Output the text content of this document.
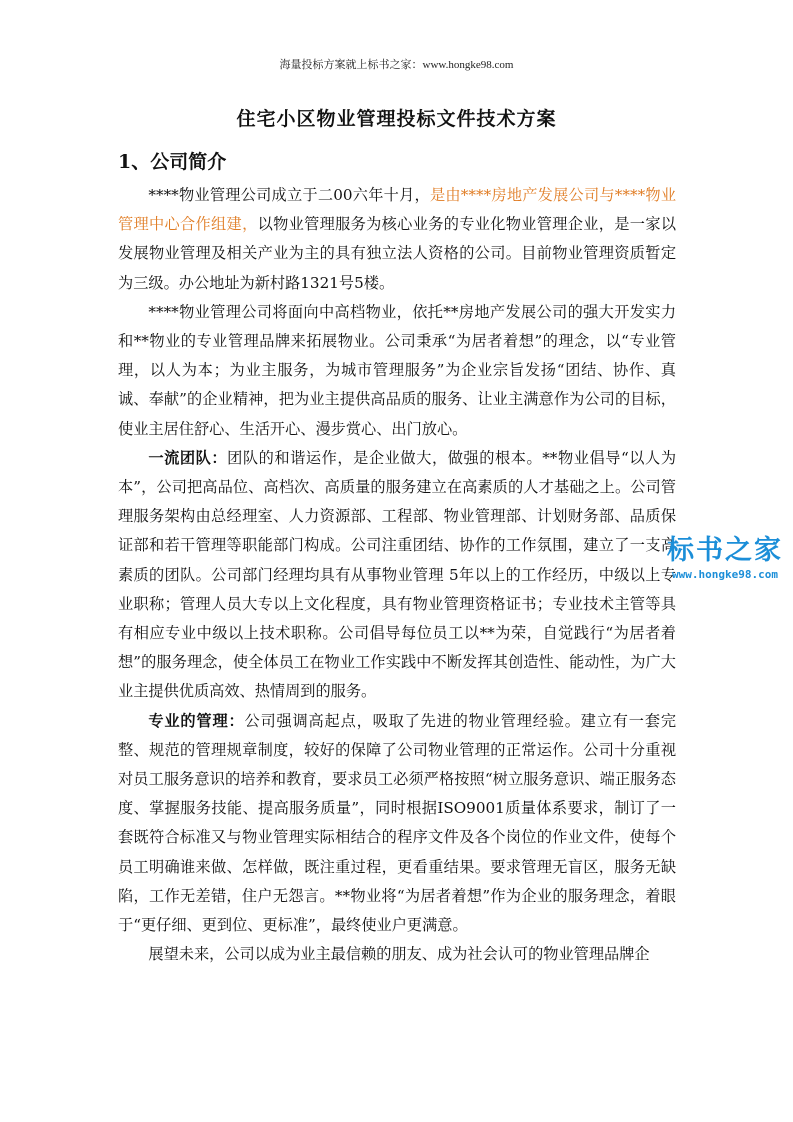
海量投标方案就上标书之家：www.hongke98.com
住宅小区物业管理投标文件技术方案
1、公司简介

****物业管理公司成立于二00六年十月，是由****房地产发展公司与****物业管理中心合作组建，以物业管理服务为核心业务的专业化物业管理企业，是一家以发展物业管理及相关产业为主的具有独立法人资格的公司。目前物业管理资质暂定为三级。办公地址为新村路1321号5楼。

****物业管理公司将面向中高档物业，依托**房地产发展公司的强大开发实力和**物业的专业管理品牌来拓展物业。公司秉承“为居者着想”的理念，以“专业管理，以人为本；为业主服务，为城市管理服务”为企业宗旨发扬“团结、协作、真诚、奉献”的企业精神，把为业主提供高品质的服务、让业主满意作为公司的目标，使业主居住舒心、生活开心、漫步赏心、出门放心。

一流团队：团队的和谐运作，是企业做大，做强的根本。**物业倡导“以人为本”，公司把高品位、高档次、高质量的服务建立在高素质的人才基础之上。公司管理服务架构由总经理室、人力资源部、工程部、物业管理部、计划财务部、品质保证部和若干管理等职能部门构成。公司注重团结、协作的工作氛围，建立了一支高素质的团队。公司部门经理均具有从事物业管理 5年以上的工作经历，中级以上专业职称；管理人员大专以上文化程度，具有物业管理资格证书；专业技术主管等具有相应专业中级以上技术职称。公司倡导每位员工以**为荣，自觉践行“为居者着想”的服务理念，使全体员工在物业工作实践中不断发挥其创造性、能动性，为广大业主提供优质高效、热情周到的服务。

专业的管理：公司强调高起点，吸取了先进的物业管理经验。建立有一套完整、规范的管理规章制度，较好的保障了公司物业管理的正常运作。公司十分重视对员工服务意识的培养和教育，要求员工必须严格按照“树立服务意识、端正服务态度、掌握服务技能、提高服务质量”，同时根据ISO9001质量体系要求，制订了一套既符合标准又与物业管理实际相结合的程序文件及各个岗位的作业文件，使每个员工明确谁来做、怎样做，既注重过程，更看重结果。要求管理无盲区，服务无缺陷，工作无差错，住户无怨言。**物业将“为居者着想”作为企业的服务理念，着眼于“更仔细、更到位、更标准”，最终使业户更满意。

展望未来，公司以成为业主最信赖的朋友、成为社会认可的物业管理品牌企

标书之家
www.hongke98.com
